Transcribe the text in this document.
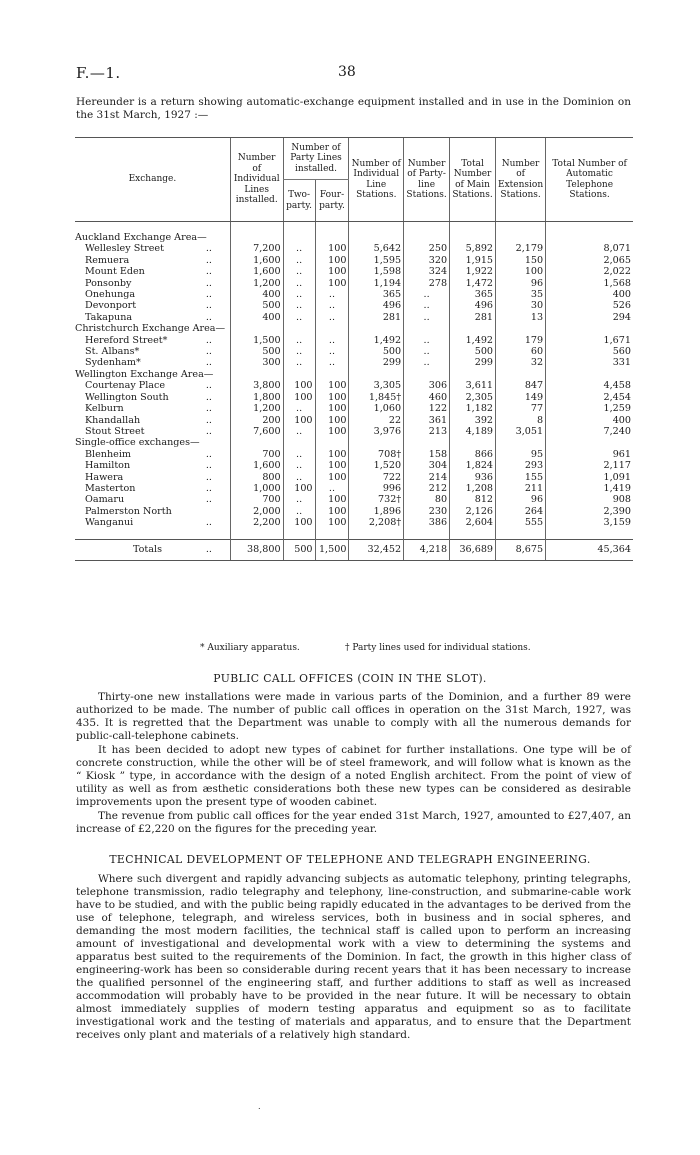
F.—1.	38
Hereunder is a return showing automatic-exchange equipment installed and in use in the Dominion on the 31st March, 1927 :—
Exchange.		Number of Individual Lines installed.	Number of Party Lines installed.		Number of Individual Line Stations.	Number of Party-line Stations.	Total Number of Main Stations.	Number of Extension Stations.	Total Number of Automatic Telephone Stations.
			Two-party.	Four-party.					

Auckland Exchange Area—									
Wellesley Street	..	7,200	..	100	5,642	250	5,892	2,179	8,071
Remuera	..	1,600	..	100	1,595	320	1,915	150	2,065
Mount Eden	..	1,600	..	100	1,598	324	1,922	100	2,022
Ponsonby	..	1,200	..	100	1,194	278	1,472	96	1,568
Onehunga	..	400	..	..	365	..	365	35	400
Devonport	..	500	..	..	496	..	496	30	526
Takapuna	..	400	..	..	281	..	281	13	294
Christchurch Exchange Area—									
Hereford Street*	..	1,500	..	..	1,492	..	1,492	179	1,671
St. Albans*	..	500	..	..	500	..	500	60	560
Sydenham*	..	300	..	..	299	..	299	32	331
Wellington Exchange Area—									
Courtenay Place	..	3,800	100	100	3,305	306	3,611	847	4,458
Wellington South	..	1,800	100	100	1,845†	460	2,305	149	2,454
Kelburn	..	1,200	..	100	1,060	122	1,182	77	1,259
Khandallah	..	200	100	100	22	361	392	8	400
Stout Street	..	7,600	..	100	3,976	213	4,189	3,051	7,240
Single-office exchanges—									
Blenheim	..	700	..	100	708†	158	866	95	961
Hamilton	..	1,600	..	100	1,520	304	1,824	293	2,117
Hawera	..	800	..	100	722	214	936	155	1,091
Masterton	..	1,000	100	..	996	212	1,208	211	1,419
Oamaru	..	700	..	100	732†	80	812	96	908
Palmerston North		2,000	..	100	1,896	230	2,126	264	2,390
Wanganui	..	2,200	100	100	2,208†	386	2,604	555	3,159

Totals	..	38,800	500	1,500	32,452	4,218	36,689	8,675	45,364
* Auxiliary apparatus.	† Party lines used for individual stations.
PUBLIC CALL OFFICES (COIN IN THE SLOT).

Thirty-one new installations were made in various parts of the Dominion, and a further 89 were authorized to be made. The number of public call offices in operation on the 31st March, 1927, was 435. It is regretted that the Department was unable to comply with all the numerous demands for public-call-telephone cabinets.

It has been decided to adopt new types of cabinet for further installations. One type will be of concrete construction, while the other will be of steel framework, and will follow what is known as the “ Kiosk ” type, in accordance with the design of a noted English architect. From the point of view of utility as well as from æsthetic considerations both these new types can be considered as desirable improvements upon the present type of wooden cabinet.

The revenue from public call offices for the year ended 31st March, 1927, amounted to £27,407, an increase of £2,220 on the figures for the preceding year.

TECHNICAL DEVELOPMENT OF TELEPHONE AND TELEGRAPH ENGINEERING.

Where such divergent and rapidly advancing subjects as automatic telephony, printing telegraphs, telephone transmission, radio telegraphy and telephony, line-construction, and submarine-cable work have to be studied, and with the public being rapidly educated in the advantages to be derived from the use of telephone, telegraph, and wireless services, both in business and in social spheres, and demanding the most modern facilities, the technical staff is called upon to perform an increasing amount of investigational and developmental work with a view to determining the systems and apparatus best suited to the requirements of the Dominion. In fact, the growth in this higher class of engineering-work has been so considerable during recent years that it has been necessary to increase the qualified personnel of the engineering staff, and further additions to staff as well as increased accommodation will probably have to be provided in the near future. It will be necessary to obtain almost immediately supplies of modern testing apparatus and equipment so as to facilitate investigational work and the testing of materials and apparatus, and to ensure that the Department receives only plant and materials of a relatively high standard.

.
